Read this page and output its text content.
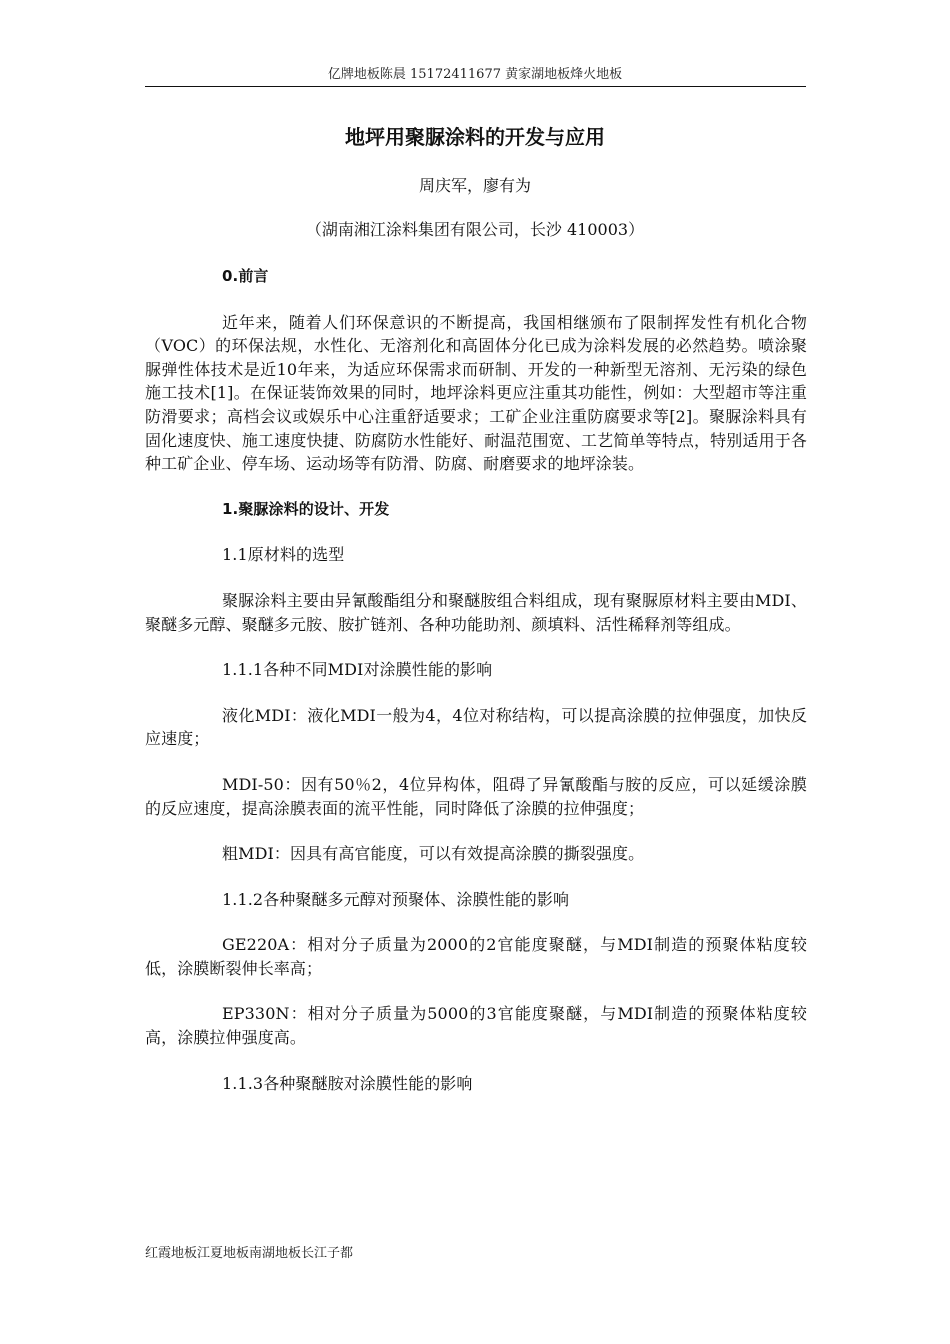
亿牌地板陈晨 15172411677 黄家湖地板烽火地板
地坪用聚脲涂料的开发与应用
周庆军，廖有为
（湖南湘江涂料集团有限公司，长沙 410003）

0.前言

近年来，随着人们环保意识的不断提高，我国相继颁布了限制挥发性有机化合物（VOC）的环保法规，水性化、无溶剂化和高固体分化已成为涂料发展的必然趋势。喷涂聚脲弹性体技术是近10年来，为适应环保需求而研制、开发的一种新型无溶剂、无污染的绿色施工技术[1]。在保证装饰效果的同时，地坪涂料更应注重其功能性，例如：大型超市等注重防滑要求；高档会议或娱乐中心注重舒适要求；工矿企业注重防腐要求等[2]。聚脲涂料具有固化速度快、施工速度快捷、防腐防水性能好、耐温范围宽、工艺简单等特点，特别适用于各种工矿企业、停车场、运动场等有防滑、防腐、耐磨要求的地坪涂装。

1.聚脲涂料的设计、开发

1.1原材料的选型

聚脲涂料主要由异氰酸酯组分和聚醚胺组合料组成，现有聚脲原材料主要由MDI、聚醚多元醇、聚醚多元胺、胺扩链剂、各种功能助剂、颜填料、活性稀释剂等组成。

1.1.1各种不同MDI对涂膜性能的影响

液化MDI：液化MDI一般为4，4位对称结构，可以提高涂膜的拉伸强度，加快反应速度；

MDI-50：因有50％2，4位异构体，阻碍了异氰酸酯与胺的反应，可以延缓涂膜的反应速度，提高涂膜表面的流平性能，同时降低了涂膜的拉伸强度；

粗MDI：因具有高官能度，可以有效提高涂膜的撕裂强度。

1.1.2各种聚醚多元醇对预聚体、涂膜性能的影响

GE220A：相对分子质量为2000的2官能度聚醚，与MDI制造的预聚体粘度较低，涂膜断裂伸长率高；

EP330N：相对分子质量为5000的3官能度聚醚，与MDI制造的预聚体粘度较高，涂膜拉伸强度高。

1.1.3各种聚醚胺对涂膜性能的影响

红霞地板江夏地板南湖地板长江子都
